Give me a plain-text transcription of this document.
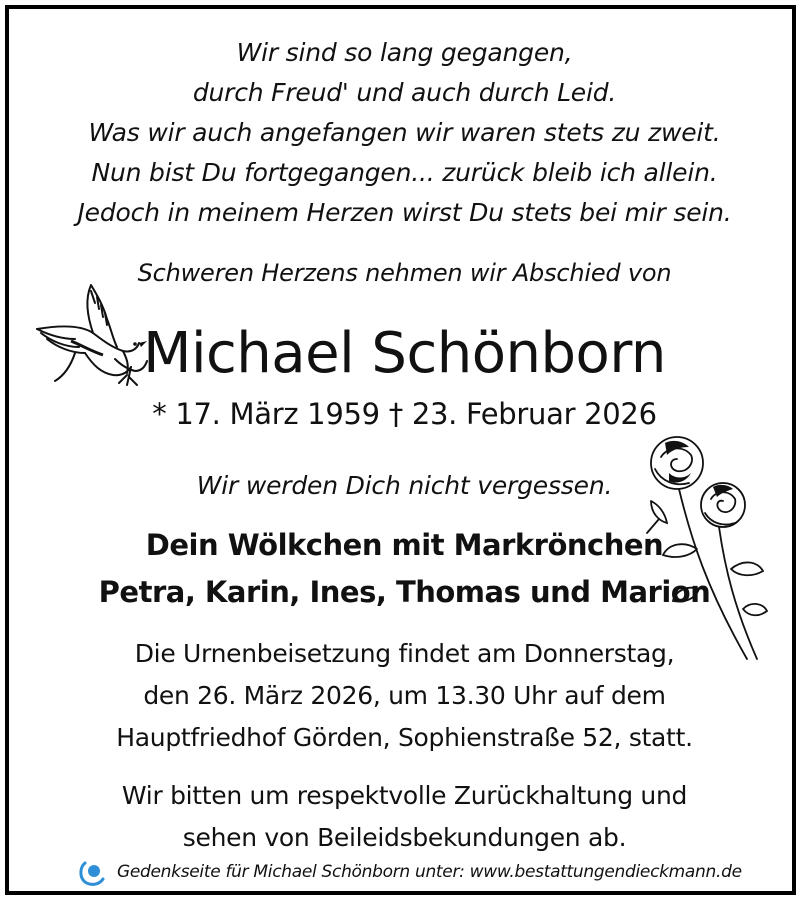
Wir sind so lang gegangen,
durch Freud' und auch durch Leid.
Was wir auch angefangen wir waren stets zu zweit.
Nun bist Du fortgegangen... zurück bleib ich allein.
Jedoch in meinem Herzen wirst Du stets bei mir sein.
Schweren Herzens nehmen wir Abschied von
Michael Schönborn
* 17. März 1959 † 23. Februar 2026
Wir werden Dich nicht vergessen.
Dein Wölkchen mit Markrönchen
Petra, Karin, Ines, Thomas und Marion
Die Urnenbeisetzung findet am Donnerstag,
den 26. März 2026, um 13.30 Uhr auf dem
Hauptfriedhof Görden, Sophienstraße 52, statt.
Wir bitten um respektvolle Zurückhaltung und
sehen von Beileidsbekundungen ab.
Gedenkseite für Michael Schönborn unter: www.bestattungendieckmann.de
